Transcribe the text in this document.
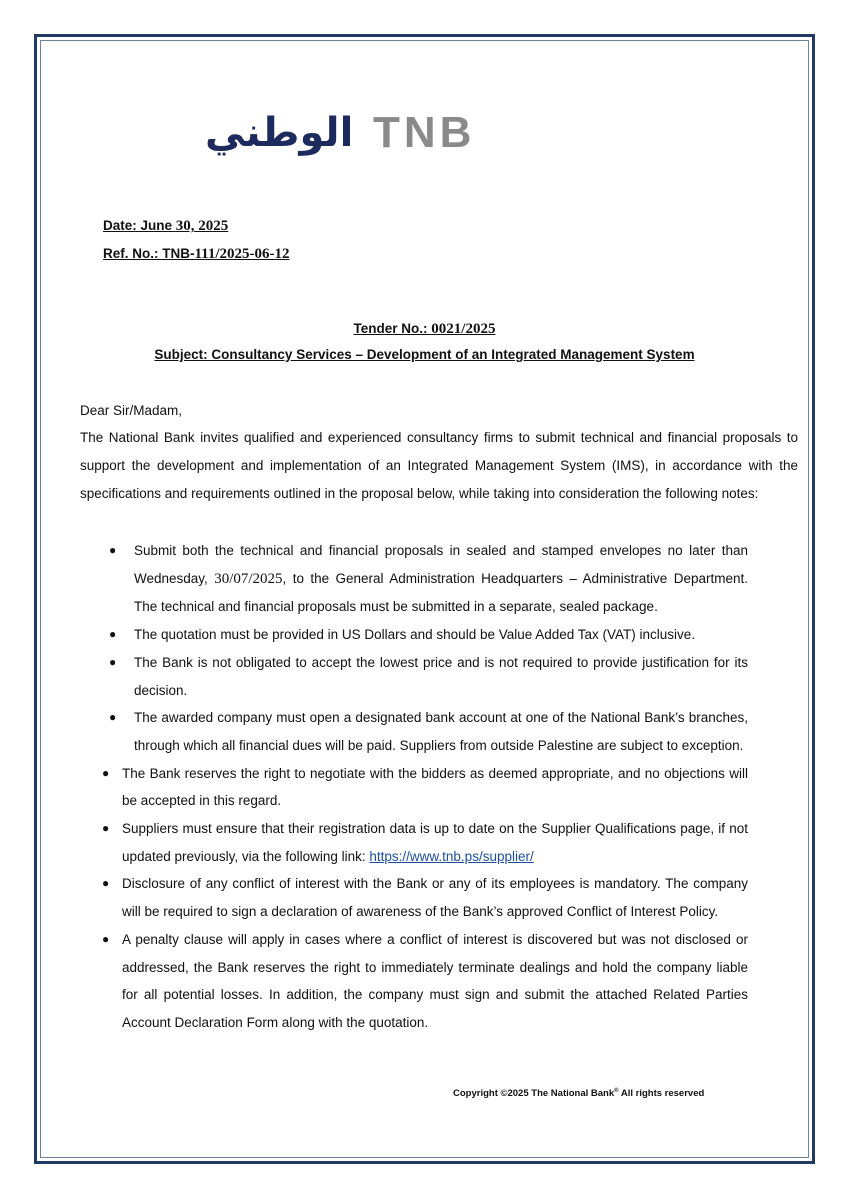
الوطني TNB
Date: June 30, 2025
Ref. No.: TNB-111/2025-06-12
Tender No.: 0021/2025
Subject: Consultancy Services – Development of an Integrated Management System
Dear Sir/Madam,
The National Bank invites qualified and experienced consultancy firms to submit technical and financial proposals to support the development and implementation of an Integrated Management System (IMS), in accordance with the specifications and requirements outlined in the proposal below, while taking into consideration the following notes:
● Submit both the technical and financial proposals in sealed and stamped envelopes no later than Wednesday, 30/07/2025, to the General Administration Headquarters – Administrative Department. The technical and financial proposals must be submitted in a separate, sealed package.
● The quotation must be provided in US Dollars and should be Value Added Tax (VAT) inclusive.
● The Bank is not obligated to accept the lowest price and is not required to provide justification for its decision.
● The awarded company must open a designated bank account at one of the National Bank’s branches, through which all financial dues will be paid. Suppliers from outside Palestine are subject to exception.
● The Bank reserves the right to negotiate with the bidders as deemed appropriate, and no objections will be accepted in this regard.
● Suppliers must ensure that their registration data is up to date on the Supplier Qualifications page, if not updated previously, via the following link: https://www.tnb.ps/supplier/
● Disclosure of any conflict of interest with the Bank or any of its employees is mandatory. The company will be required to sign a declaration of awareness of the Bank’s approved Conflict of Interest Policy.
● A penalty clause will apply in cases where a conflict of interest is discovered but was not disclosed or addressed, the Bank reserves the right to immediately terminate dealings and hold the company liable for all potential losses. In addition, the company must sign and submit the attached Related Parties Account Declaration Form along with the quotation.
Copyright ©2025 The National Bank® All rights reserved
